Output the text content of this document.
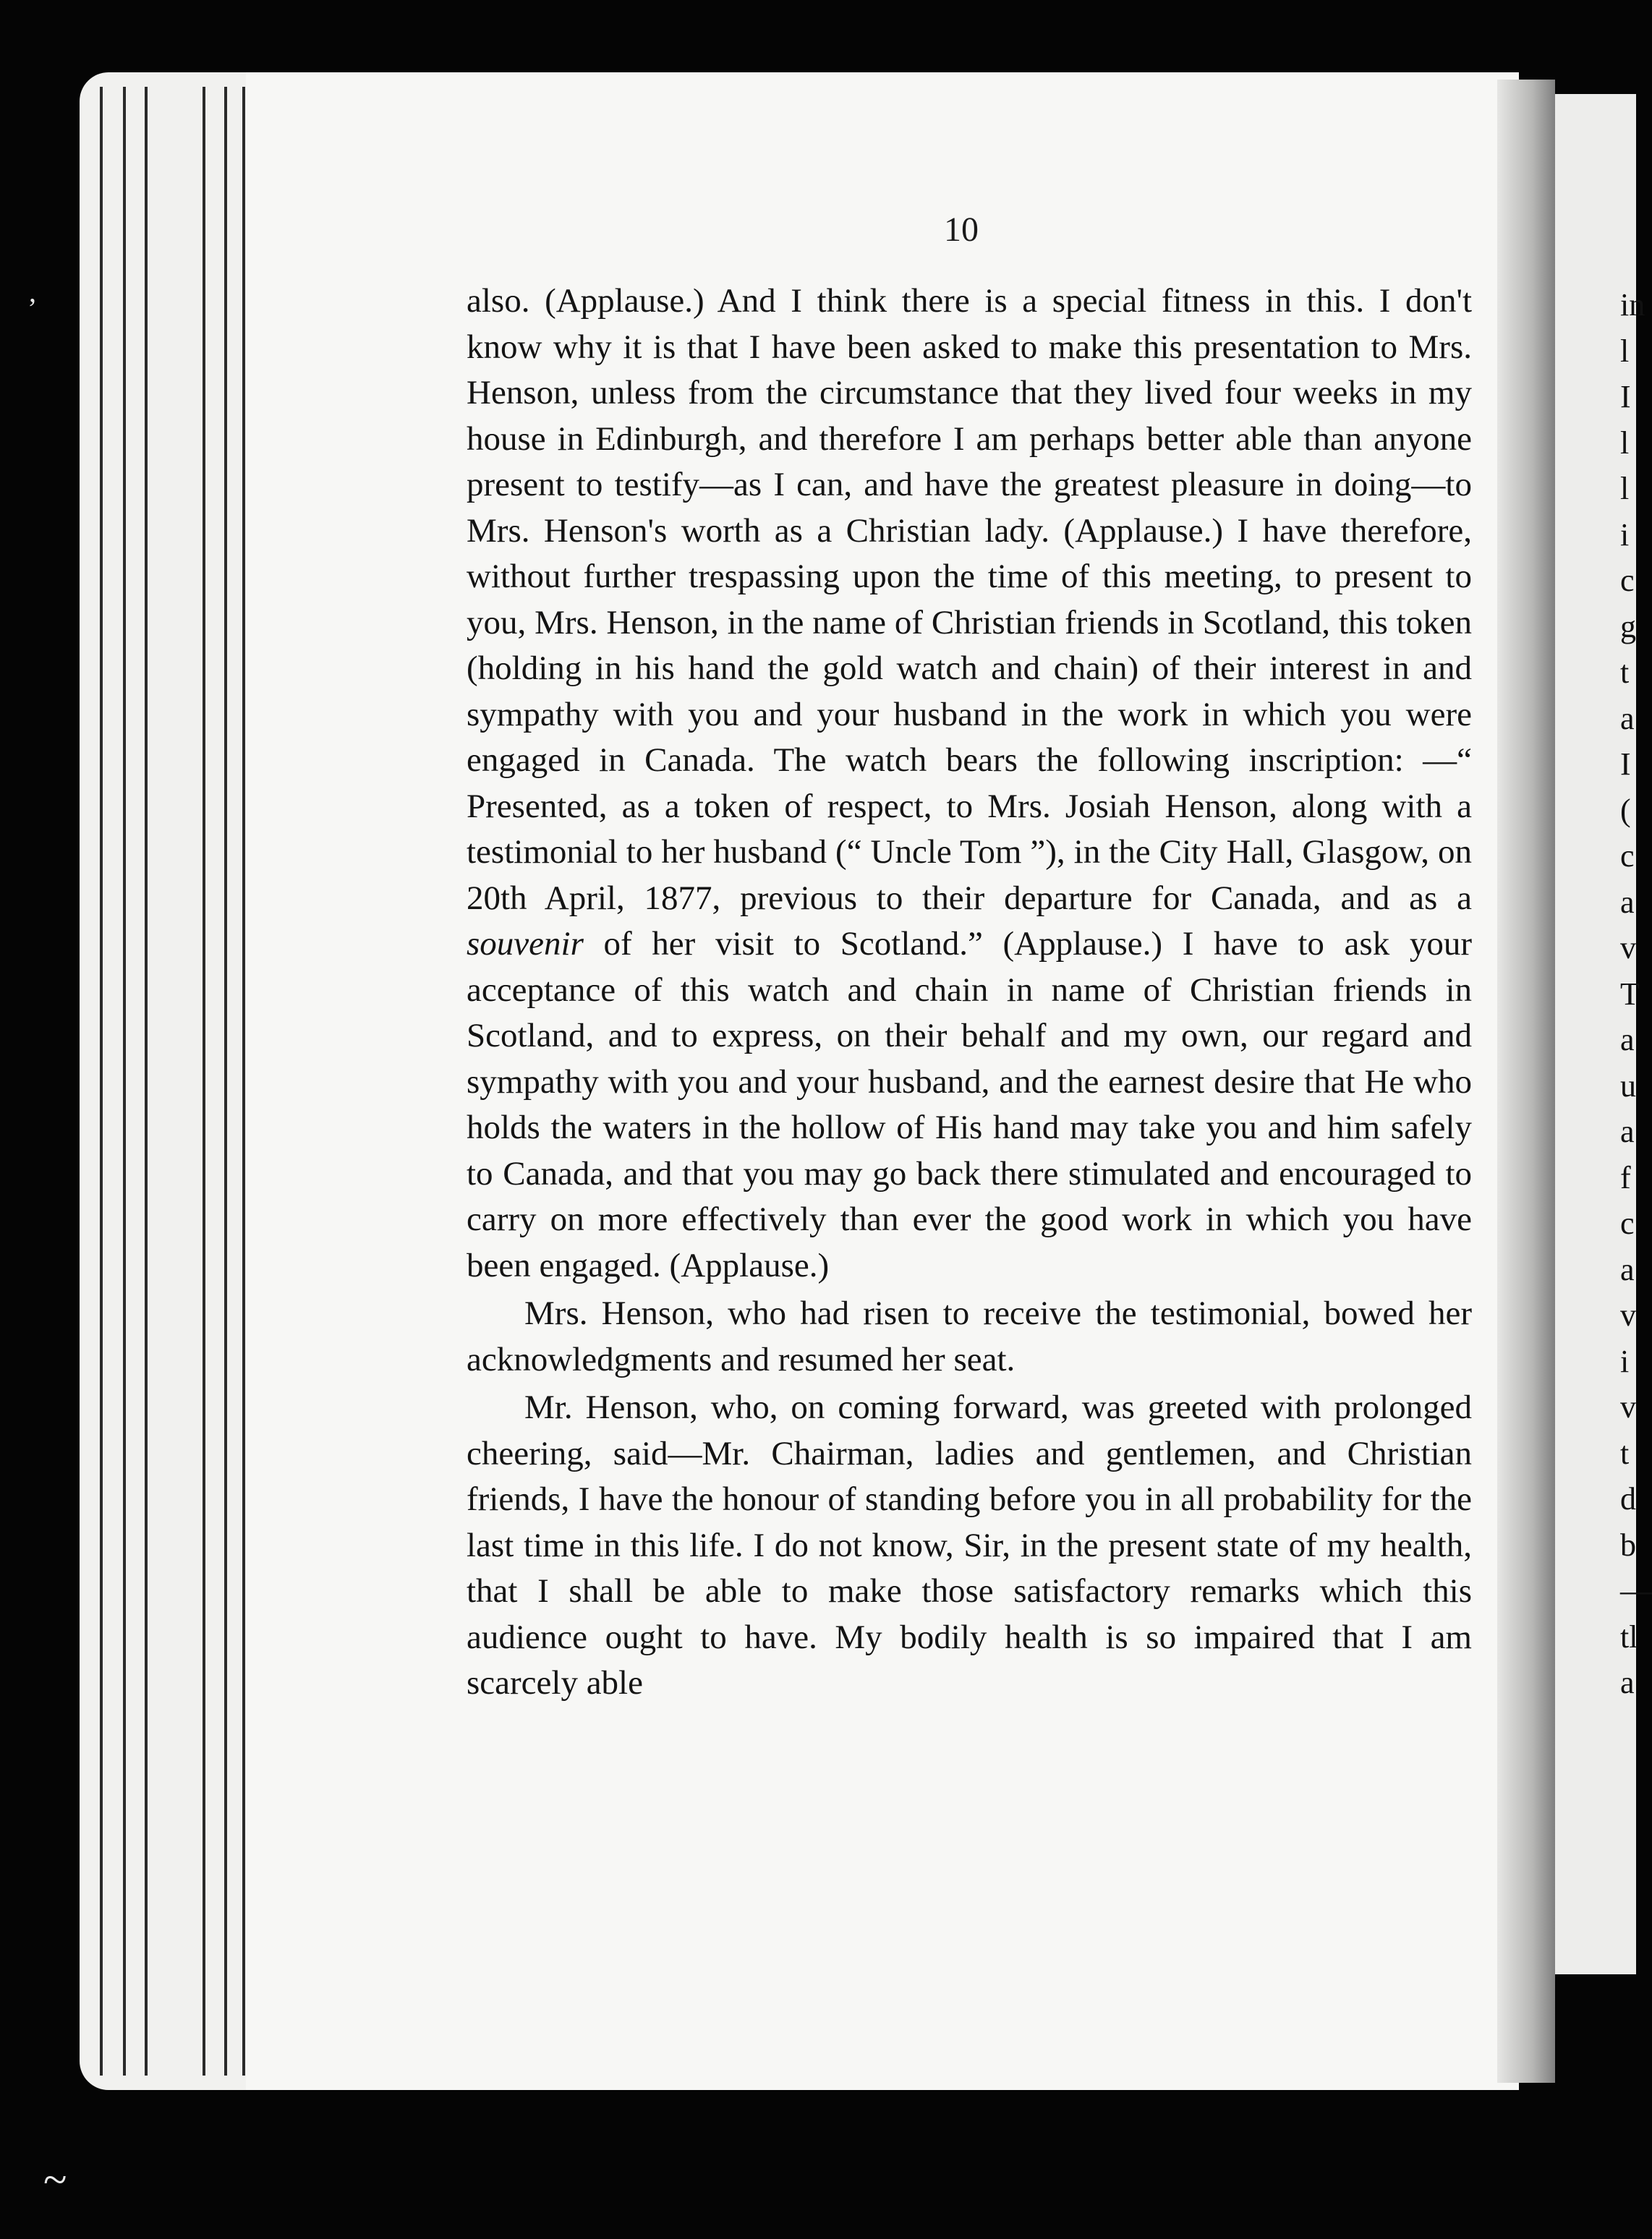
in
l
I
l
l
i
c
g
t
a
I
(
c
a
v
T
a
u
a
f
c
a
v
i
v
t
d
b
—
tl
a
10

also. (Applause.) And I think there is a special fitness in this. I don't know why it is that I have been asked to make this presentation to Mrs. Henson, unless from the circumstance that they lived four weeks in my house in Edinburgh, and therefore I am perhaps better able than anyone present to testify—as I can, and have the greatest pleasure in doing—to Mrs. Henson's worth as a Christian lady. (Applause.) I have therefore, without further trespassing upon the time of this meeting, to present to you, Mrs. Henson, in the name of Christian friends in Scotland, this token (holding in his hand the gold watch and chain) of their interest in and sympathy with you and your husband in the work in which you were engaged in Canada. The watch bears the following inscription: —“ Presented, as a token of respect, to Mrs. Josiah Henson, along with a testimonial to her husband (“ Uncle Tom ”), in the City Hall, Glasgow, on 20th April, 1877, previous to their departure for Canada, and as a souvenir of her visit to Scotland.” (Applause.) I have to ask your acceptance of this watch and chain in name of Christian friends in Scotland, and to express, on their behalf and my own, our regard and sympathy with you and your husband, and the earnest desire that He who holds the waters in the hollow of His hand may take you and him safely to Canada, and that you may go back there stimulated and encouraged to carry on more effectively than ever the good work in which you have been engaged. (Applause.)

Mrs. Henson, who had risen to receive the testimonial, bowed her acknowledgments and resumed her seat.

Mr. Henson, who, on coming forward, was greeted with prolonged cheering, said—Mr. Chairman, ladies and gentlemen, and Christian friends, I have the honour of standing before you in all probability for the last time in this life. I do not know, Sir, in the present state of my health, that I shall be able to make those satisfactory remarks which this audience ought to have. My bodily health is so impaired that I am scarcely able

,
~
